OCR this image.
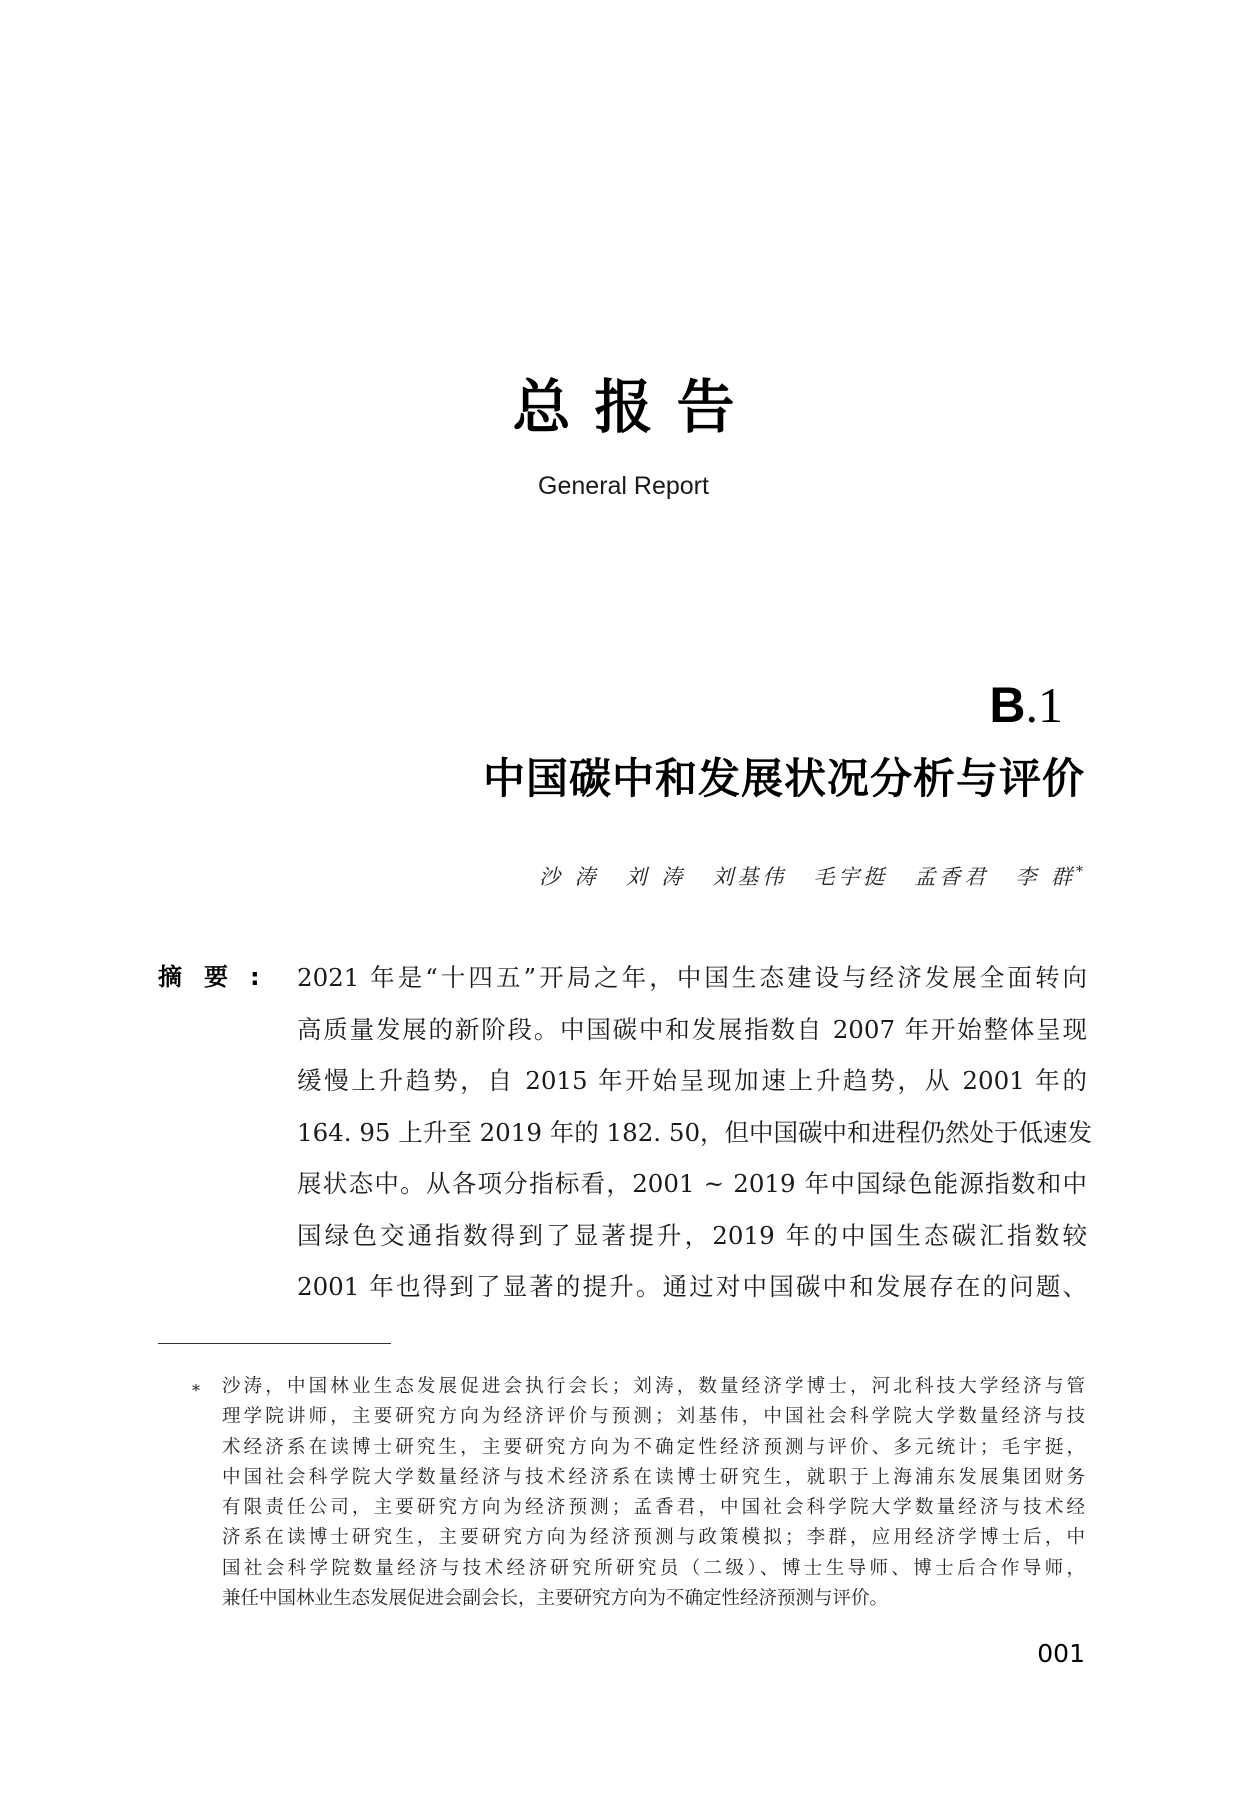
总报告
General Report
B.1
中国碳中和发展状况分析与评价
沙 涛 刘 涛 刘基伟 毛宇挺 孟香君 李 群*
摘要: 2021 年是“十四五”开局之年，中国生态建设与经济发展全面转向
高质量发展的新阶段。中国碳中和发展指数自 2007 年开始整体呈现
缓慢上升趋势，自 2015 年开始呈现加速上升趋势，从 2001 年的
164. 95 上升至 2019 年的 182. 50，但中国碳中和进程仍然处于低速发
展状态中。从各项分指标看，2001 ~ 2019 年中国绿色能源指数和中
国绿色交通指数得到了显著提升，2019 年的中国生态碳汇指数较
2001 年也得到了显著的提升。通过对中国碳中和发展存在的问题、
* 沙涛，中国林业生态发展促进会执行会长；刘涛，数量经济学博士，河北科技大学经济与管
理学院讲师，主要研究方向为经济评价与预测；刘基伟，中国社会科学院大学数量经济与技
术经济系在读博士研究生，主要研究方向为不确定性经济预测与评价、多元统计；毛宇挺，
中国社会科学院大学数量经济与技术经济系在读博士研究生，就职于上海浦东发展集团财务
有限责任公司，主要研究方向为经济预测；孟香君，中国社会科学院大学数量经济与技术经
济系在读博士研究生，主要研究方向为经济预测与政策模拟；李群，应用经济学博士后，中
国社会科学院数量经济与技术经济研究所研究员（二级）、博士生导师、博士后合作导师，
兼任中国林业生态发展促进会副会长，主要研究方向为不确定性经济预测与评价。
001
